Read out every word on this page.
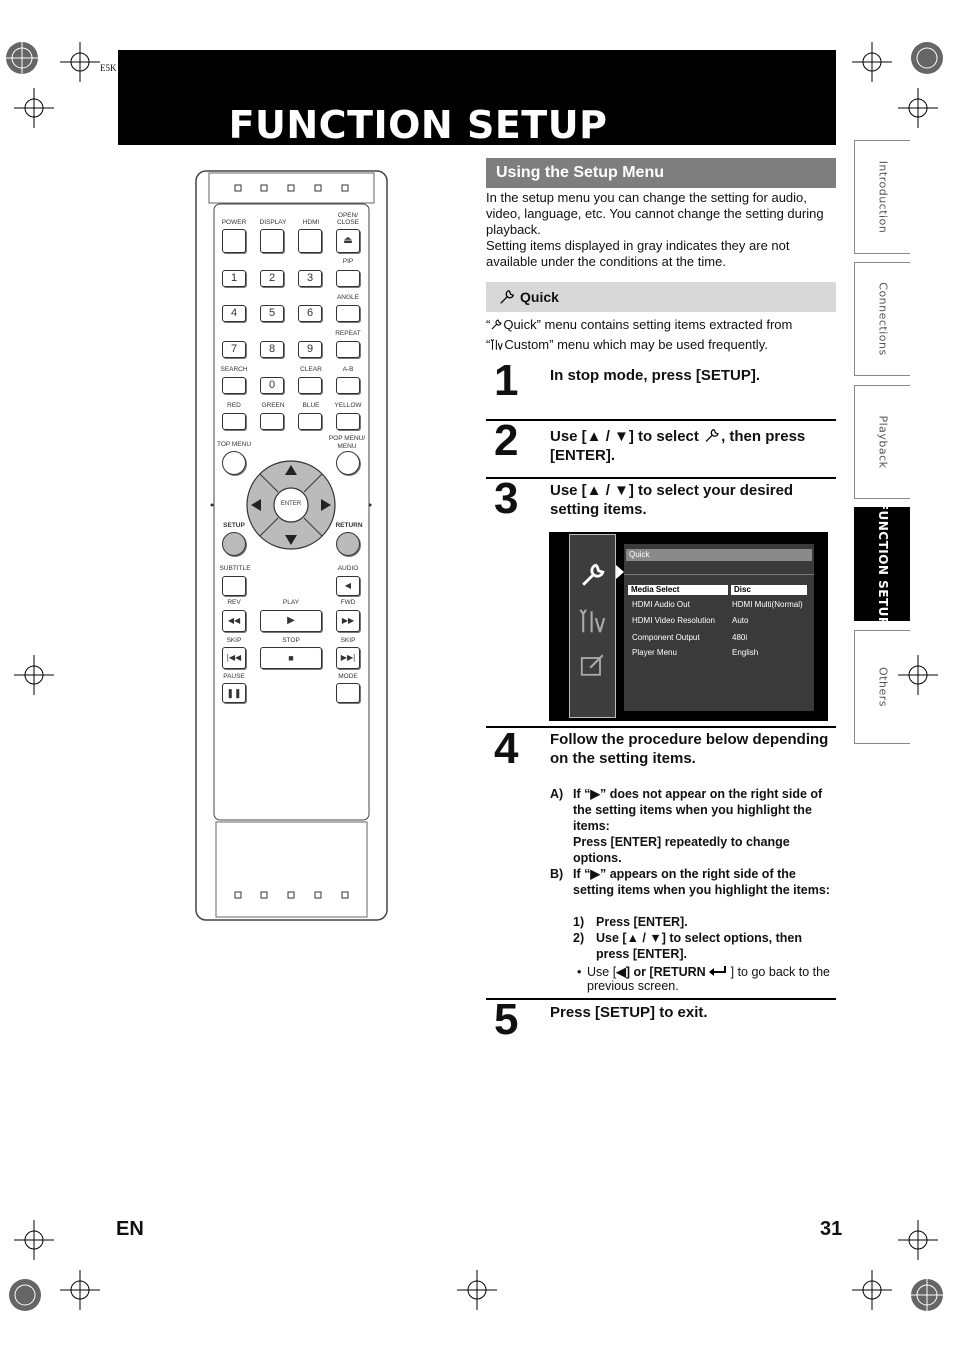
E5K
FUNCTION SETUP
Introduction
Connections
Playback
FUNCTION SETUP
Others
Using the Setup Menu
In the setup menu you can change the setting for audio, video, language, etc. You cannot change the setting during playback.
Setting items displayed in gray indicates they are not available under the conditions at the time.
Quick
“ Quick” menu contains setting items extracted from
“ Custom” menu which may be used frequently.
1 In stop mode, press [SETUP].
2 Use [▲ / ▼] to select , then press [ENTER].
3 Use [▲ / ▼] to select your desired setting items.
Quick
Media Select	Disc
HDMI Audio Out	HDMI Multi(Normal)
HDMI Video Resolution Auto
Component Output	480i
Player Menu	English
4 Follow the procedure below depending on the setting items.
A) If “▶” does not appear on the right side of the setting items when you highlight the items:
Press [ENTER] repeatedly to change options.
B) If “▶” appears on the right side of the setting items when you highlight the items:
1) Press [ENTER].
2) Use [▲ / ▼] to select options, then press [ENTER].
• Use [◀] or [RETURN ] to go back to the previous screen.
5 Press [SETUP] to exit.
POWER DISPLAY HDMI
OPEN/
CLOSE
⏏
PIP
1	2	3
ANGLE
4	5	6
REPEAT
7	8	9
SEARCH	CLEAR	A-B
0
RED	GREEN	BLUE YELLOW
TOP MENU
POP MENU/
MENU
ENTER
SETUP	RETURN
SUBTITLE	AUDIO
◀
REV	PLAY	FWD
◀◀	▶	▶▶
SKIP	STOP	SKIP
|◀◀	■	▶▶|
PAUSE	MODE
❚❚
EN	31
